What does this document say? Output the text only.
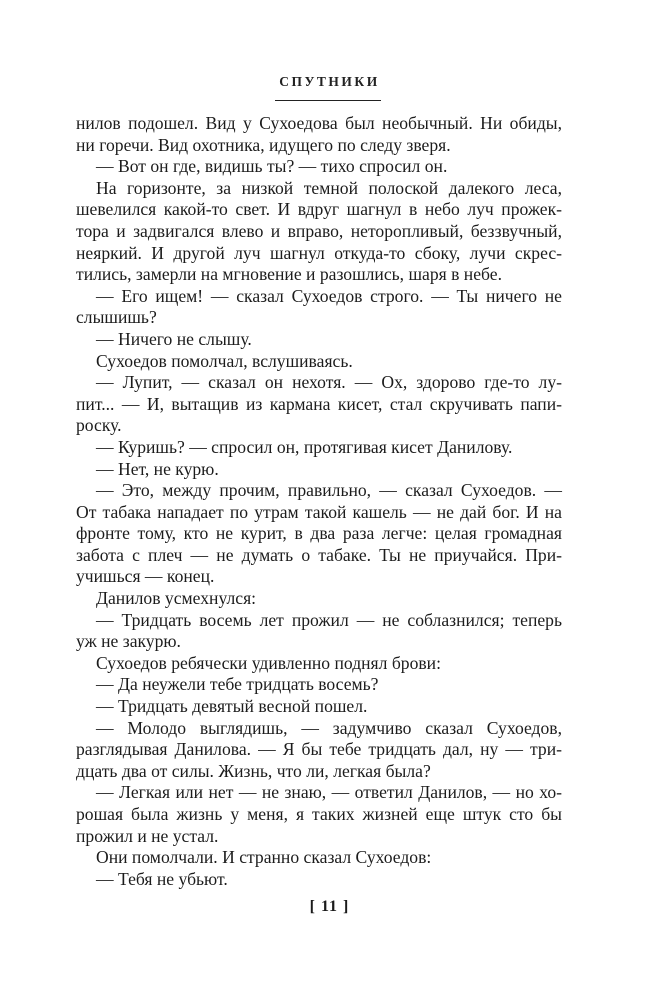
СПУТНИКИ
нилов подошел. Вид у Сухоедова был необычный. Ни обиды,
ни горечи. Вид охотника, идущего по следу зверя.
— Вот он где, видишь ты? — тихо спросил он.
На горизонте, за низкой темной полоской далекого леса,
шевелился какой-то свет. И вдруг шагнул в небо луч прожек-
тора и задвигался влево и вправо, неторопливый, беззвучный,
неяркий. И другой луч шагнул откуда-то сбоку, лучи скрес-
тились, замерли на мгновение и разошлись, шаря в небе.
— Его ищем! — сказал Сухоедов строго. — Ты ничего не
слышишь?
— Ничего не слышу.
Сухоедов помолчал, вслушиваясь.
— Лупит, — сказал он нехотя. — Ох, здорово где-то лу-
пит... — И, вытащив из кармана кисет, стал скручивать папи-
роску.
— Куришь? — спросил он, протягивая кисет Данилову.
— Нет, не курю.
— Это, между прочим, правильно, — сказал Сухоедов. —
От табака нападает по утрам такой кашель — не дай бог. И на
фронте тому, кто не курит, в два раза легче: целая громадная
забота с плеч — не думать о табаке. Ты не приучайся. При-
учишься — конец.
Данилов усмехнулся:
— Тридцать восемь лет прожил — не соблазнился; теперь
уж не закурю.
Сухоедов ребячески удивленно поднял брови:
— Да неужели тебе тридцать восемь?
— Тридцать девятый весной пошел.
— Молодо выглядишь, — задумчиво сказал Сухоедов,
разглядывая Данилова. — Я бы тебе тридцать дал, ну — три-
дцать два от силы. Жизнь, что ли, легкая была?
— Легкая или нет — не знаю, — ответил Данилов, — но хо-
рошая была жизнь у меня, я таких жизней еще штук сто бы
прожил и не устал.
Они помолчали. И странно сказал Сухоедов:
— Тебя не убьют.
[ 11 ]
